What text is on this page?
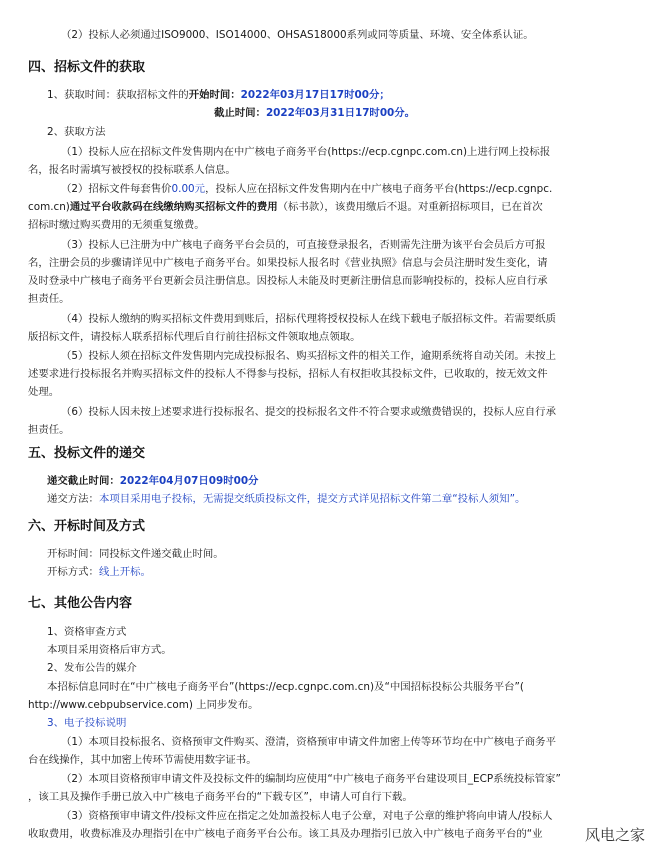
（2）投标人必须通过ISO9000、ISO14000、OHSAS18000系列或同等质量、环境、安全体系认证。
四、招标文件的获取
1、获取时间：获取招标文件的开始时间：2022年03月17日17时00分；
截止时间：2022年03月31日17时00分。
2、获取方法
（1）投标人应在招标文件发售期内在中广核电子商务平台(https://ecp.cgnpc.com.cn)上进行网上投标报
名，报名时需填写被授权的投标联系人信息。
（2）招标文件每套售价0.00元，投标人应在招标文件发售期内在中广核电子商务平台(https://ecp.cgnpc.
com.cn)通过平台收款码在线缴纳购买招标文件的费用（标书款），该费用缴后不退。对重新招标项目，已在首次
招标时缴过购买费用的无须重复缴费。
（3）投标人已注册为中广核电子商务平台会员的，可直接登录报名，否则需先注册为该平台会员后方可报
名，注册会员的步骤请详见中广核电子商务平台。如果投标人报名时《营业执照》信息与会员注册时发生变化，请
及时登录中广核电子商务平台更新会员注册信息。因投标人未能及时更新注册信息而影响投标的，投标人应自行承
担责任。
（4）投标人缴纳的购买招标文件费用到账后，招标代理将授权投标人在线下载电子版招标文件。若需要纸质
版招标文件，请投标人联系招标代理后自行前往招标文件领取地点领取。
（5）投标人须在招标文件发售期内完成投标报名、购买招标文件的相关工作，逾期系统将自动关闭。未按上
述要求进行投标报名并购买招标文件的投标人不得参与投标，招标人有权拒收其投标文件，已收取的，按无效文件
处理。
（6）投标人因未按上述要求进行投标报名、提交的投标报名文件不符合要求或缴费错误的，投标人应自行承
担责任。
五、投标文件的递交
递交截止时间：2022年04月07日09时00分
递交方法：本项目采用电子投标，无需提交纸质投标文件，提交方式详见招标文件第二章“投标人须知”。
六、开标时间及方式
开标时间：同投标文件递交截止时间。
开标方式：线上开标。
七、其他公告内容
1、资格审查方式
本项目采用资格后审方式。
2、发布公告的媒介
本招标信息同时在“中广核电子商务平台”(https://ecp.cgnpc.com.cn)及“中国招标投标公共服务平台”(
http://www.cebpubservice.com) 上同步发布。
3、电子投标说明
（1）本项目投标报名、资格预审文件购买、澄清，资格预审申请文件加密上传等环节均在中广核电子商务平
台在线操作，其中加密上传环节需使用数字证书。
（2）本项目资格预审申请文件及投标文件的编制均应使用“中广核电子商务平台建设项目_ECP系统投标管家”
，该工具及操作手册已放入中广核电子商务平台的“下载专区”，申请人可自行下载。
（3）资格预审申请文件/投标文件应在指定之处加盖投标人电子公章，对电子公章的维护将向申请人/投标人
收取费用，收费标准及办理指引在中广核电子商务平台公布。该工具及办理指引已放入中广核电子商务平台的“业	风电之家
